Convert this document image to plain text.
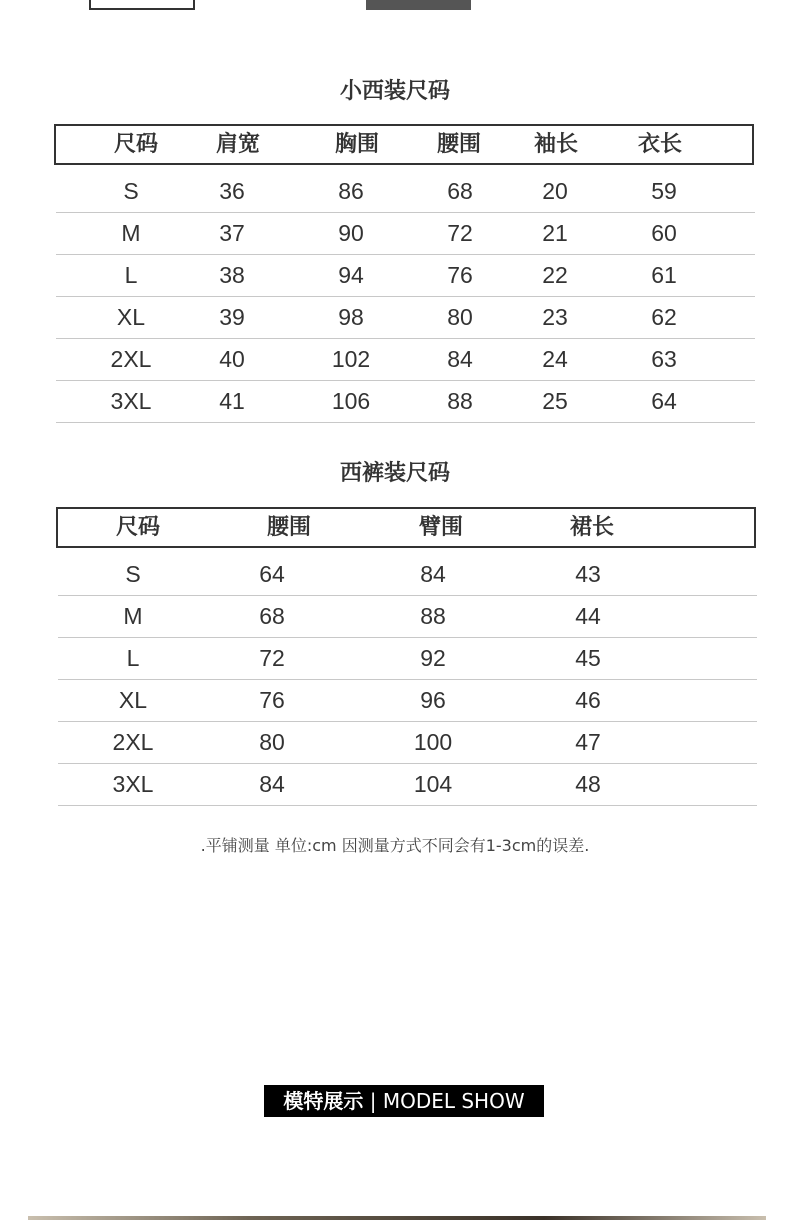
小西装尺码
尺码	肩宽	胸围	腰围 袖长	衣长
S	36	86	68	20	59
M	37	90	72	21	60
L	38	94	76	22	61
XL	39	98	80	23	62
2XL	40	102	84	24	63
3XL	41	106	88	25	64
西裤装尺码
尺码	腰围	臂围	裙长
S	64	84	43
M	68	88	44
L	72	92	45
XL	76	96	46
2XL	80	100	47
3XL	84	104	48
.平铺测量 单位:cm 因测量方式不同会有1-3cm的误差.
模特展示 | MODEL SHOW
